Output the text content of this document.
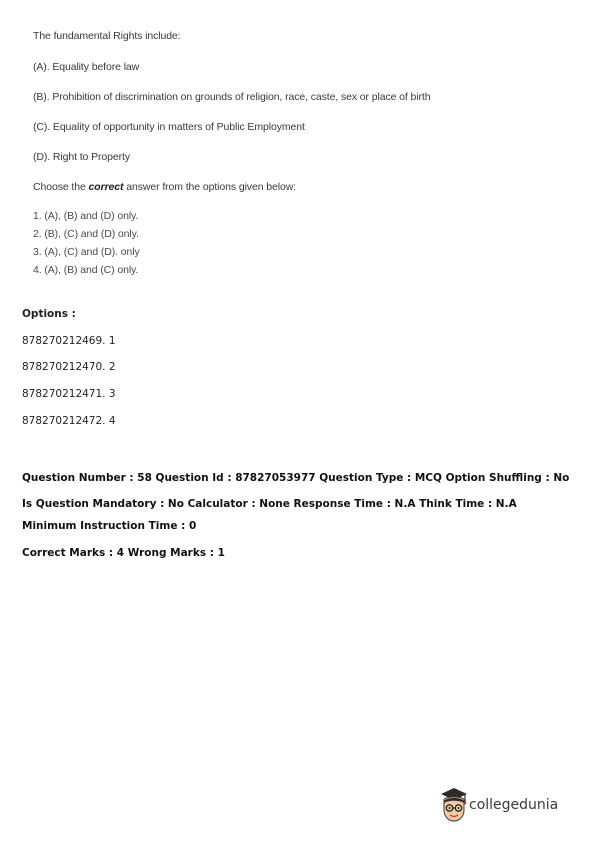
The fundamental Rights include:
(A). Equality before law
(B). Prohibition of discrimination on grounds of religion, race, caste, sex or place of birth
(C). Equality of opportunity in matters of Public Employment
(D). Right to Property
Choose the correct answer from the options given below:
1. (A), (B) and (D) only.
2. (B), (C) and (D) only.
3. (A), (C) and (D). only
4. (A), (B) and (C) only.
Options :
878270212469. 1
878270212470. 2
878270212471. 3
878270212472. 4
Question Number : 58 Question Id : 87827053977 Question Type : MCQ Option Shuffling : No
Is Question Mandatory : No Calculator : None Response Time : N.A Think Time : N.A
Minimum Instruction Time : 0
Correct Marks : 4 Wrong Marks : 1
collegedunia
